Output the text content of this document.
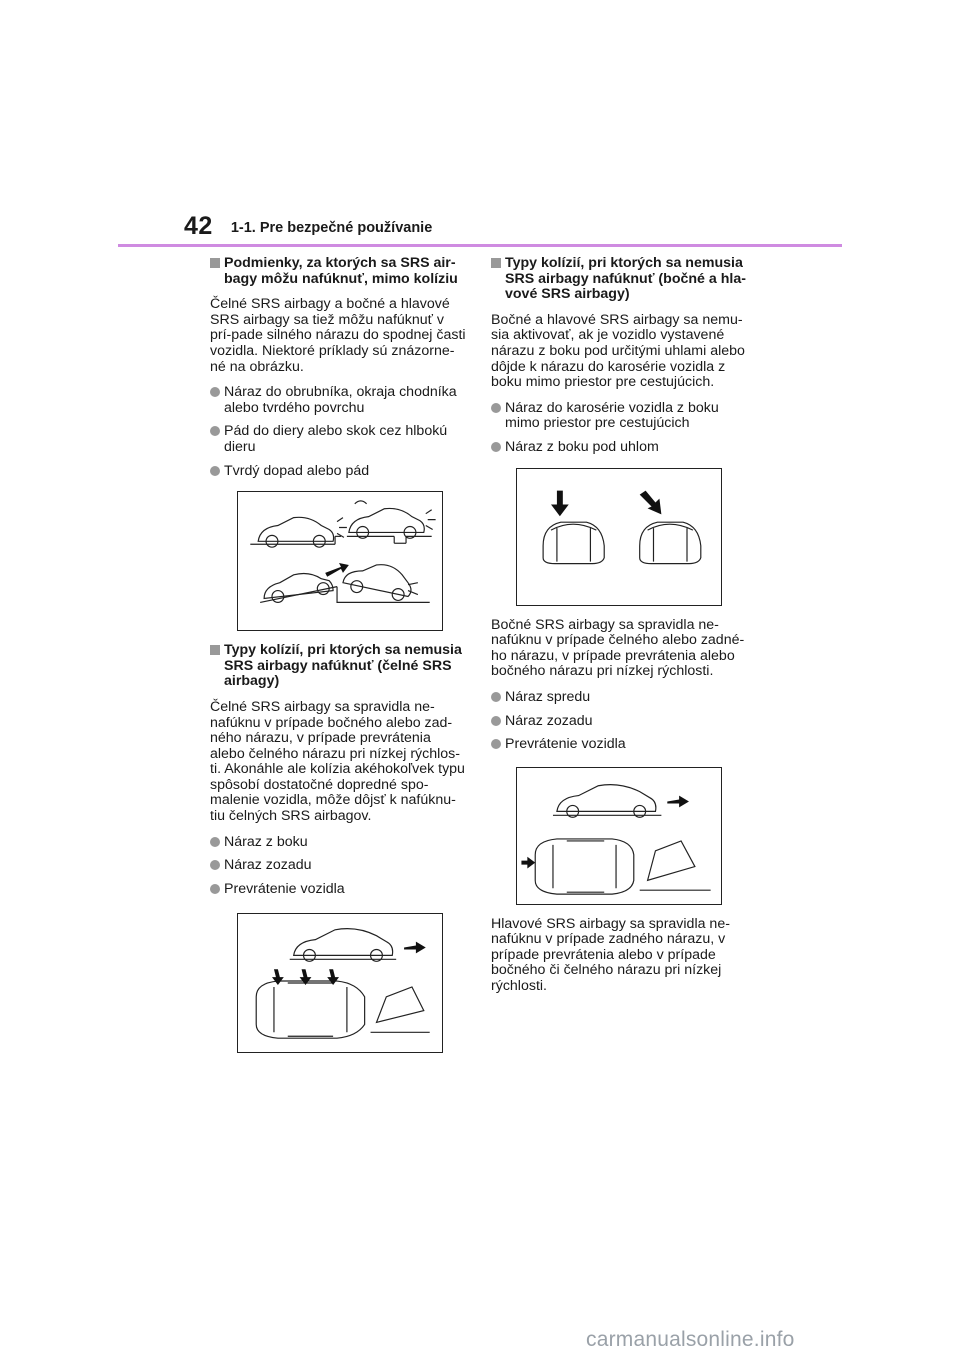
42 1-1. Pre bezpečné používanie
Podmienky, za ktorých sa SRS air-bagy môžu nafúknuť, mimo kolíziu
Čelné SRS airbagy a bočné a hlavové SRS airbagy sa tiež môžu nafúknuť v prí-pade silného nárazu do spodnej časti vozidla. Niektoré príklady sú znázorne-né na obrázku.
Náraz do obrubníka, okraja chodníka alebo tvrdého povrchu
Pád do diery alebo skok cez hlbokú dieru
Tvrdý dopad alebo pád
Typy kolízií, pri ktorých sa nemusia SRS airbagy nafúknuť (čelné SRS airbagy)
Čelné SRS airbagy sa spravidla ne-nafúknu v prípade bočného alebo zad-ného nárazu, v prípade prevrátenia alebo čelného nárazu pri nízkej rýchlos-ti. Akonáhle ale kolízia akéhokoľvek typu spôsobí dostatočné dopredné spo-malenie vozidla, môže dôjsť k nafúknu-tiu čelných SRS airbagov.
Náraz z boku
Náraz zozadu
Prevrátenie vozidla
Typy kolízií, pri ktorých sa nemusia SRS airbagy nafúknuť (bočné a hla-vové SRS airbagy)
Bočné a hlavové SRS airbagy sa nemu-sia aktivovať, ak je vozidlo vystavené nárazu z boku pod určitými uhlami alebo dôjde k nárazu do karosérie vozidla z boku mimo priestor pre cestujúcich.
Náraz do karosérie vozidla z boku mimo priestor pre cestujúcich
Náraz z boku pod uhlom
Bočné SRS airbagy sa spravidla ne-nafúknu v prípade čelného alebo zadné-ho nárazu, v prípade prevrátenia alebo bočného nárazu pri nízkej rýchlosti.
Náraz spredu
Náraz zozadu
Prevrátenie vozidla
Hlavové SRS airbagy sa spravidla ne-nafúknu v prípade zadného nárazu, v prípade prevrátenia alebo v prípade bočného či čelného nárazu pri nízkej rýchlosti.
carmanualsonline.info
